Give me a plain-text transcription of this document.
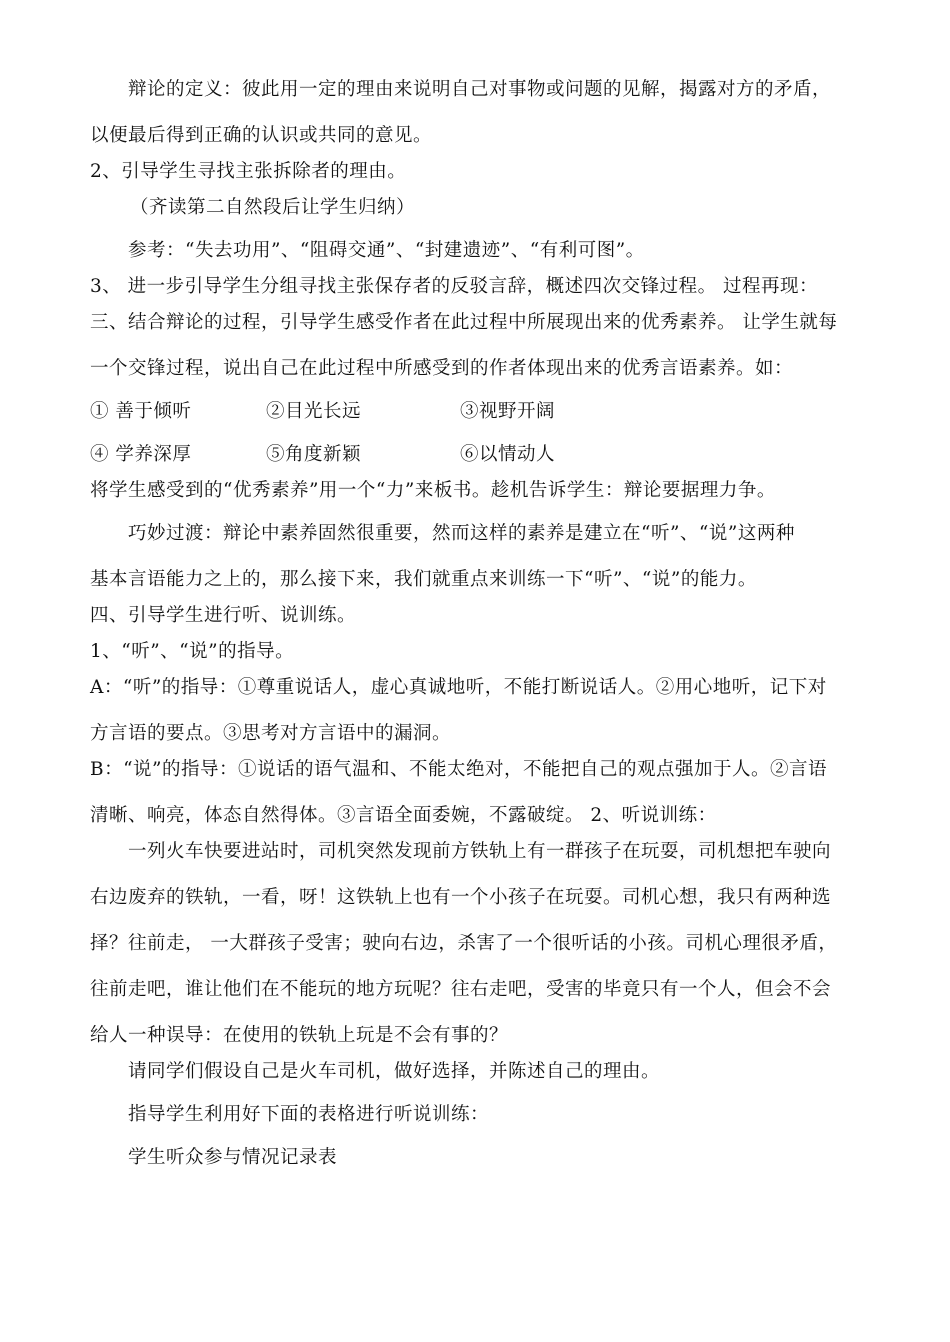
辩论的定义：彼此用一定的理由来说明自己对事物或问题的见解，揭露对方的矛盾，
以便最后得到正确的认识或共同的意见。
2、引导学生寻找主张拆除者的理由。
（齐读第二自然段后让学生归纳）
参考：“失去功用”、“阻碍交通”、“封建遗迹”、“有利可图”。
3、 进一步引导学生分组寻找主张保存者的反驳言辞，概述四次交锋过程。 过程再现：
三、结合辩论的过程，引导学生感受作者在此过程中所展现出来的优秀素养。 让学生就每
一个交锋过程，说出自己在此过程中所感受到的作者体现出来的优秀言语素养。如：
① 善于倾听	②目光长远	③视野开阔
④ 学养深厚	⑤角度新颖	⑥以情动人
将学生感受到的“优秀素养”用一个“力”来板书。趁机告诉学生：辩论要据理力争。
巧妙过渡：辩论中素养固然很重要，然而这样的素养是建立在“听”、“说”这两种
基本言语能力之上的，那么接下来，我们就重点来训练一下“听”、“说”的能力。
四、引导学生进行听、说训练。
1、“听”、“说”的指导。
A：“听”的指导：①尊重说话人，虚心真诚地听，不能打断说话人。②用心地听，记下对
方言语的要点。③思考对方言语中的漏洞。
B：“说”的指导：①说话的语气温和、不能太绝对，不能把自己的观点强加于人。②言语
清晰、响亮，体态自然得体。③言语全面委婉，不露破绽。 2、听说训练：
一列火车快要进站时，司机突然发现前方铁轨上有一群孩子在玩耍，司机想把车驶向
右边废弃的铁轨，一看，呀！这铁轨上也有一个小孩子在玩耍。司机心想，我只有两种选
择？往前走， 一大群孩子受害；驶向右边，杀害了一个很听话的小孩。司机心理很矛盾，
往前走吧，谁让他们在不能玩的地方玩呢？往右走吧，受害的毕竟只有一个人，但会不会
给人一种误导：在使用的铁轨上玩是不会有事的？
请同学们假设自己是火车司机，做好选择，并陈述自己的理由。
指导学生利用好下面的表格进行听说训练：
学生听众参与情况记录表
